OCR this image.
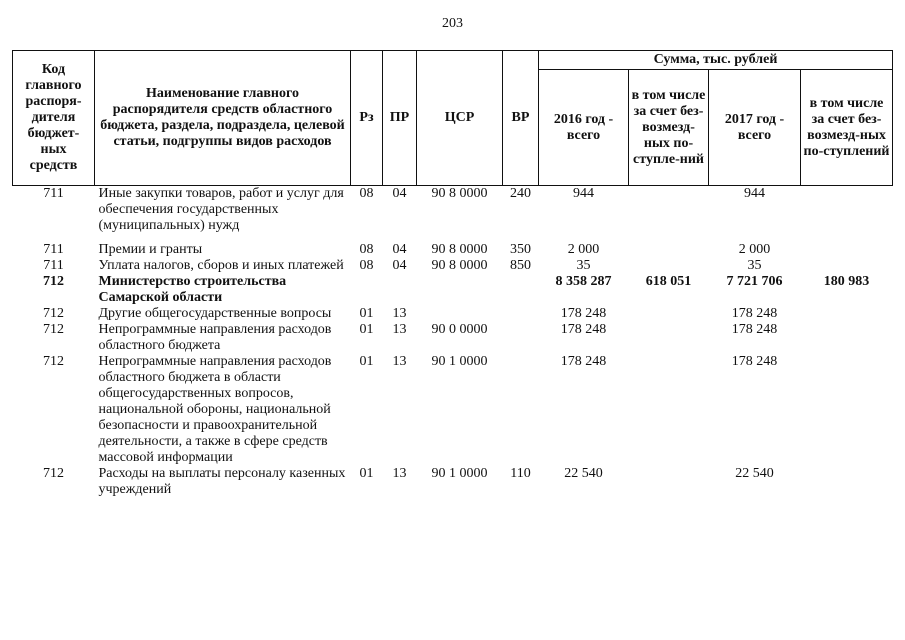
203
Код главного распоря-дителя бюджет-ных средств	Наименование главного распорядителя средств областного бюджета, раздела, подраздела, целевой статьи, подгруппы видов расходов	Рз	ПР	ЦСР	ВР	Сумма, тыс. рублей			
						2016 год - всего	в том числе за счет без-возмезд-ных по-ступле-ний	2017 год - всего	в том числе за счет без-возмезд-ных по-ступлений
711	Иные закупки товаров, работ и услуг для обеспечения государственных (муниципальных) нужд	08	04	90 8 0000	240	944		944	
711	Премии и гранты	08	04	90 8 0000	350	2 000		2 000	
711	Уплата налогов, сборов и иных платежей	08	04	90 8 0000	850	35		35	
712	Министерство строительства Самарской области					8 358 287	618 051	7 721 706	180 983
712	Другие общегосударственные вопросы	01	13			178 248		178 248	
712	Непрограммные направления расходов областного бюджета	01	13	90 0 0000		178 248		178 248	
712	Непрограммные направления расходов областного бюджета в области общегосударственных вопросов, национальной обороны, национальной безопасности и правоохранительной деятельности, а также в сфере средств массовой информации	01	13	90 1 0000		178 248		178 248	
712	Расходы на выплаты персоналу казенных учреждений	01	13	90 1 0000	110	22 540		22 540	
